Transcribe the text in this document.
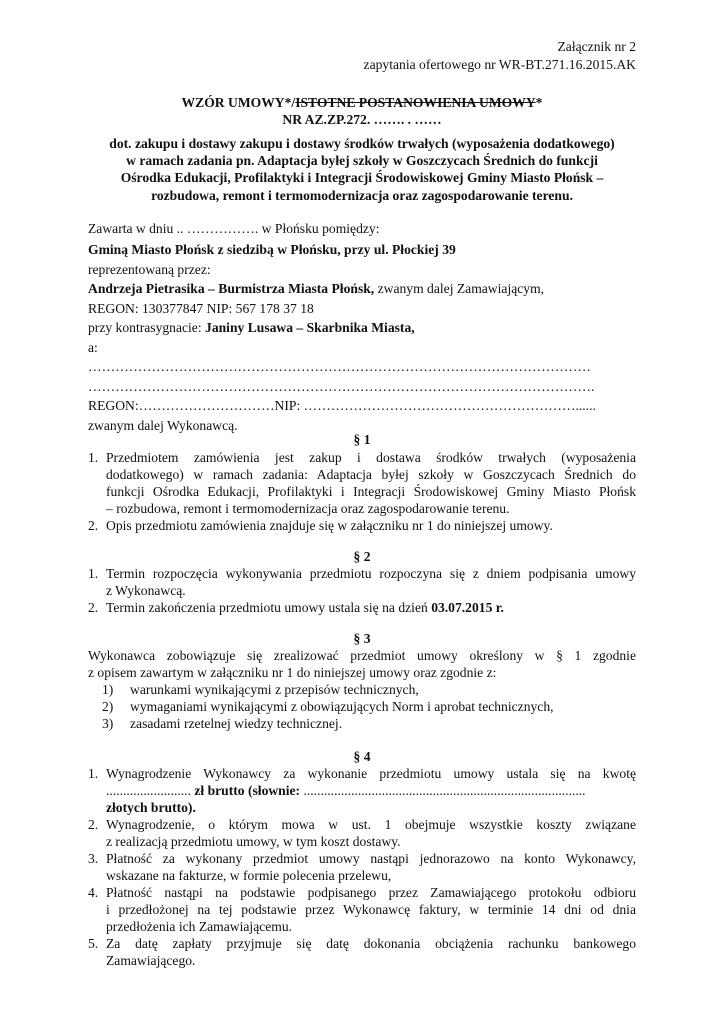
Załącznik nr 2
zapytania ofertowego nr WR-BT.271.16.2015.AK
WZÓR UMOWY*/ISTOTNE POSTANOWIENIA UMOWY*
NR AZ.ZP.272. ……. . ……
dot. zakupu i dostawy zakupu i dostawy środków trwałych (wyposażenia dodatkowego)
w ramach zadania pn. Adaptacja byłej szkoły w Goszczycach Średnich do funkcji
Ośrodka Edukacji, Profilaktyki i Integracji Środowiskowej Gminy Miasto Płońsk –
rozbudowa, remont i termomodernizacja oraz zagospodarowanie terenu.
Zawarta w dniu .. ……………. w Płońsku pomiędzy:
Gminą Miasto Płońsk z siedzibą w Płońsku, przy ul. Płockiej 39
reprezentowaną przez:
Andrzeja Pietrasika – Burmistrza Miasta Płońsk, zwanym dalej Zamawiającym,
REGON: 130377847 NIP: 567 178 37 18
przy kontrasygnacie: Janiny Lusawa – Skarbnika Miasta,
a:
…………………………………………………………………………………………………
………………………………………………………………………………………………….
REGON:…………………………NIP: ……………………………………………………......
zwanym dalej Wykonawcą.
§ 1
1. Przedmiotem zamówienia jest zakup i dostawa środków trwałych (wyposażenia
dodatkowego) w ramach zadania: Adaptacja byłej szkoły w Goszczycach Średnich do
funkcji Ośrodka Edukacji, Profilaktyki i Integracji Środowiskowej Gminy Miasto Płońsk
– rozbudowa, remont i termomodernizacja oraz zagospodarowanie terenu.
2. Opis przedmiotu zamówienia znajduje się w załączniku nr 1 do niniejszej umowy.
§ 2
1. Termin rozpoczęcia wykonywania przedmiotu rozpoczyna się z dniem podpisania umowy
z Wykonawcą.
2. Termin zakończenia przedmiotu umowy ustala się na dzień 03.07.2015 r.
§ 3
Wykonawca zobowiązuje się zrealizować przedmiot umowy określony w § 1 zgodnie
z opisem zawartym w załączniku nr 1 do niniejszej umowy oraz zgodnie z:
1) warunkami wynikającymi z przepisów technicznych,
2) wymaganiami wynikającymi z obowiązujących Norm i aprobat technicznych,
3) zasadami rzetelnej wiedzy technicznej.
§ 4
1. Wynagrodzenie Wykonawcy za wykonanie przedmiotu umowy ustala się na kwotę
......................... zł brutto (słownie: ...................................................................................
złotych brutto).
2. Wynagrodzenie, o którym mowa w ust. 1 obejmuje wszystkie koszty związane
z realizacją przedmiotu umowy, w tym koszt dostawy.
3. Płatność za wykonany przedmiot umowy nastąpi jednorazowo na konto Wykonawcy,
wskazane na fakturze, w formie polecenia przelewu,
4. Płatność nastąpi na podstawie podpisanego przez Zamawiającego protokołu odbioru
i przedłożonej na tej podstawie przez Wykonawcę faktury, w terminie 14 dni od dnia
przedłożenia ich Zamawiającemu.
5. Za datę zapłaty przyjmuje się datę dokonania obciążenia rachunku bankowego
Zamawiającego.
